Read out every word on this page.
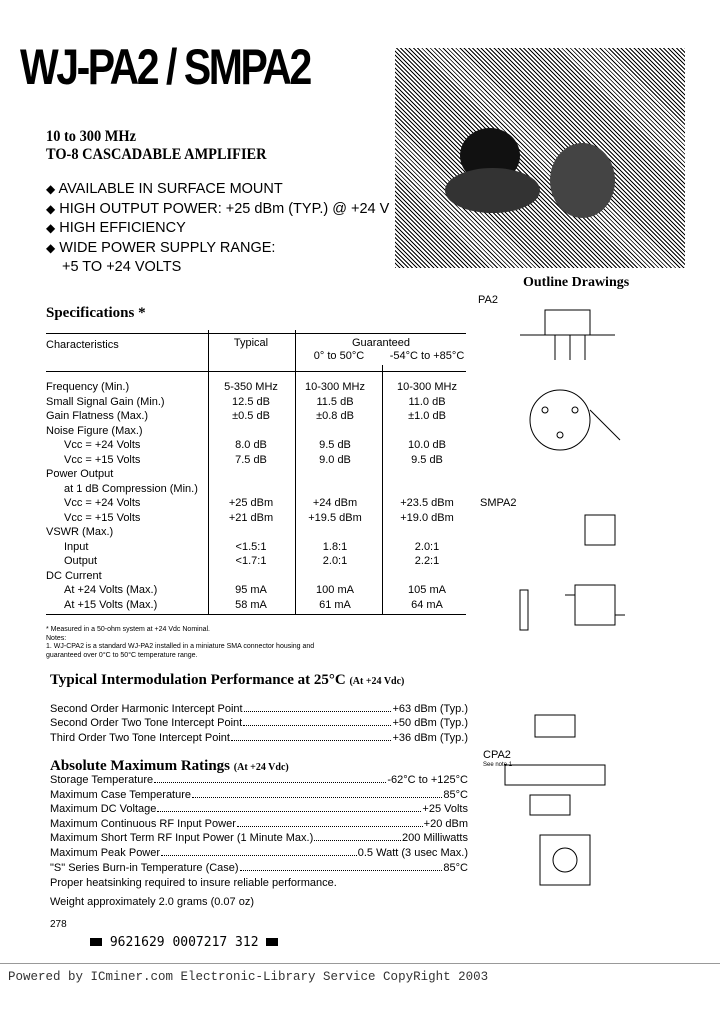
WJ-PA2 / SMPA2
10 to 300 MHz
TO-8 CASCADABLE AMPLIFIER
Outline Drawings
PA2
SMPA2
CPA2
See note 1
Specifications *
Characteristics	Typical	Guaranteed
0° to 50°C	-54°C to +85°C
Typical Intermodulation Performance at 25°C (At +24 Vdc)
Absolute Maximum Ratings (At +24 Vdc)
Proper heatsinking required to insure reliable performance.
Weight approximately 2.0 grams (0.07 oz)
278
9621629 0007217 312
Powered by ICminer.com Electronic-Library Service CopyRight 2003
◆ AVAILABLE IN SURFACE MOUNT
◆ HIGH OUTPUT POWER: +25 dBm (TYP.) @ +24 V
◆ HIGH EFFICIENCY
◆ WIDE POWER SUPPLY RANGE:
+5 TO +24 VOLTS
Frequency (Min.)	5-350 MHz	10-300 MHz	10-300 MHz
Small Signal Gain (Min.)	12.5 dB	11.5 dB	11.0 dB
Gain Flatness (Max.)	±0.5 dB	±0.8 dB	±1.0 dB
Noise Figure (Max.)
Vcc = +24 Volts	8.0 dB	9.5 dB	10.0 dB
Vcc = +15 Volts	7.5 dB	9.0 dB	9.5 dB
Power Output
at 1 dB Compression (Min.)
Vcc = +24 Volts	+25 dBm	+24 dBm	+23.5 dBm
Vcc = +15 Volts	+21 dBm	+19.5 dBm	+19.0 dBm
VSWR (Max.)
Input	<1.5:1	1.8:1	2.0:1
Output	<1.7:1	2.0:1	2.2:1
DC Current
At +24 Volts (Max.)	95 mA	100 mA	105 mA
At +15 Volts (Max.)	58 mA	61 mA	64 mA
* Measured in a 50-ohm system at +24 Vdc Nominal.
Notes:
1. WJ-CPA2 is a standard WJ-PA2 installed in a miniature SMA connector housing and
guaranteed over 0°C to 50°C temperature range.
Second Order Harmonic Intercept Point	+63 dBm (Typ.)
Second Order Two Tone Intercept Point	+50 dBm (Typ.)
Third Order Two Tone Intercept Point	+36 dBm (Typ.)
Storage Temperature	-62°C to +125°C
Maximum Case Temperature	85°C
Maximum DC Voltage	+25 Volts
Maximum Continuous RF Input Power	+20 dBm
Maximum Short Term RF Input Power (1 Minute Max.)	200 Milliwatts
Maximum Peak Power	0.5 Watt (3 usec Max.)
"S" Series Burn-in Temperature (Case)	85°C
